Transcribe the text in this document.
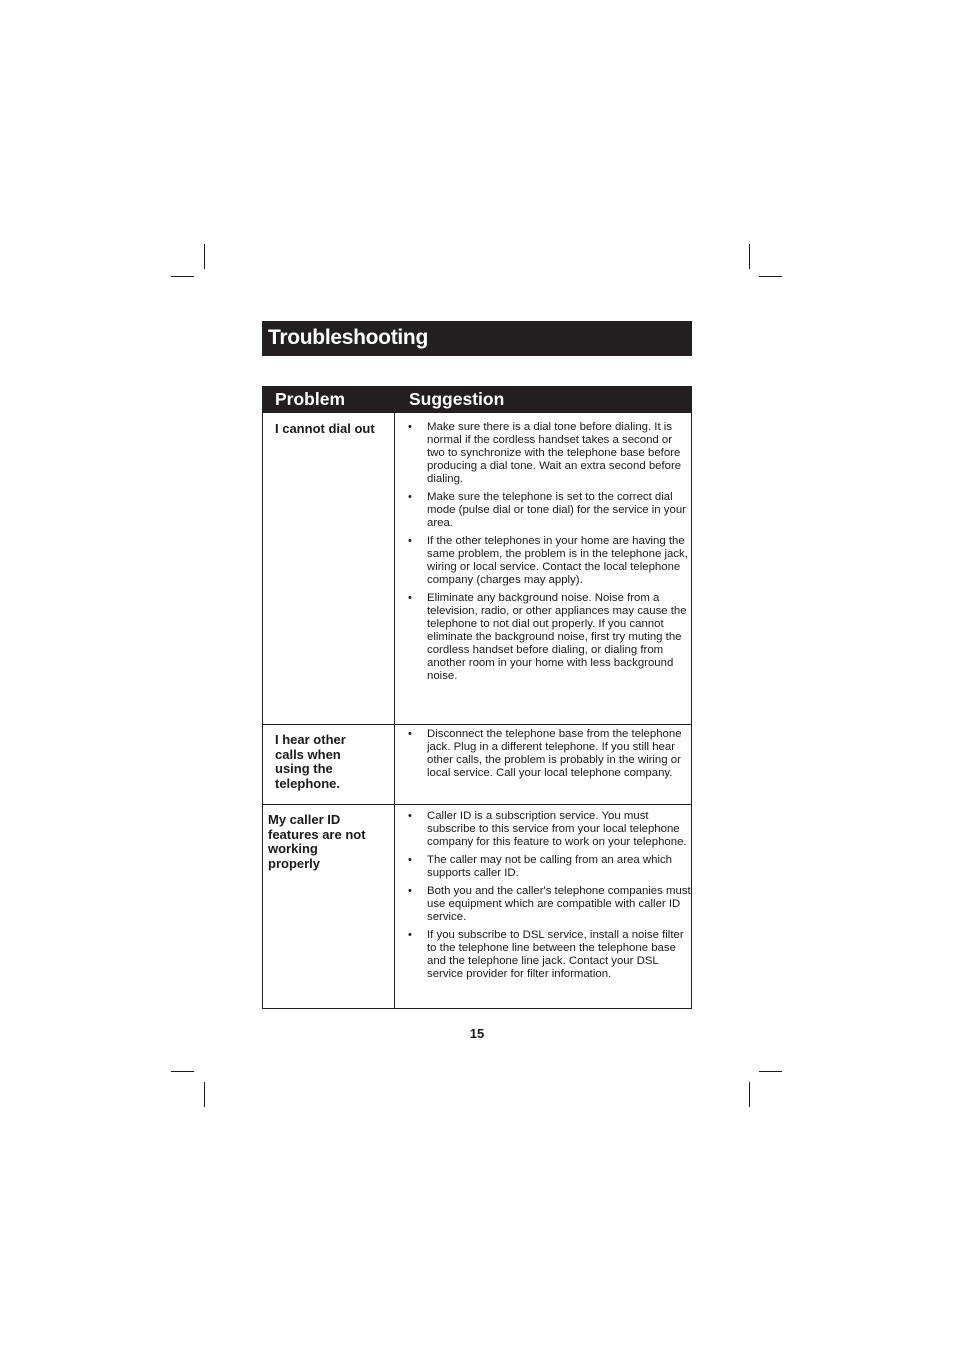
Troubleshooting
Problem	Suggestion
I cannot dial out
•	Make sure there is a dial tone before dialing. It is normal if the cordless handset takes a second or two to synchronize with the telephone base before producing a dial tone. Wait an extra second before dialing.
• Make sure the telephone is set to the correct dial mode (pulse dial or tone dial) for the service in your area.
• If the other telephones in your home are having the same problem, the problem is in the telephone jack, wiring or local service. Contact the local telephone company (charges may apply).
• Eliminate any background noise. Noise from a television, radio, or other appliances may cause the telephone to not dial out properly. If you cannot eliminate the background noise, first try muting the cordless handset before dialing, or dialing from another room in your home with less background noise.
I hear other calls when using the telephone.
• Disconnect the telephone base from the telephone jack. Plug in a different telephone. If you still hear other calls, the problem is probably in the wiring or local service. Call your local telephone company.
My caller ID features are not working properly
• Caller ID is a subscription service. You must subscribe to this service from your local telephone company for this feature to work on your telephone.
• The caller may not be calling from an area which supports caller ID.
• Both you and the caller's telephone companies must use equipment which are compatible with caller ID service.
• If you subscribe to DSL service, install a noise filter to the telephone line between the telephone base and the telephone line jack. Contact your DSL service provider for filter information.
15
